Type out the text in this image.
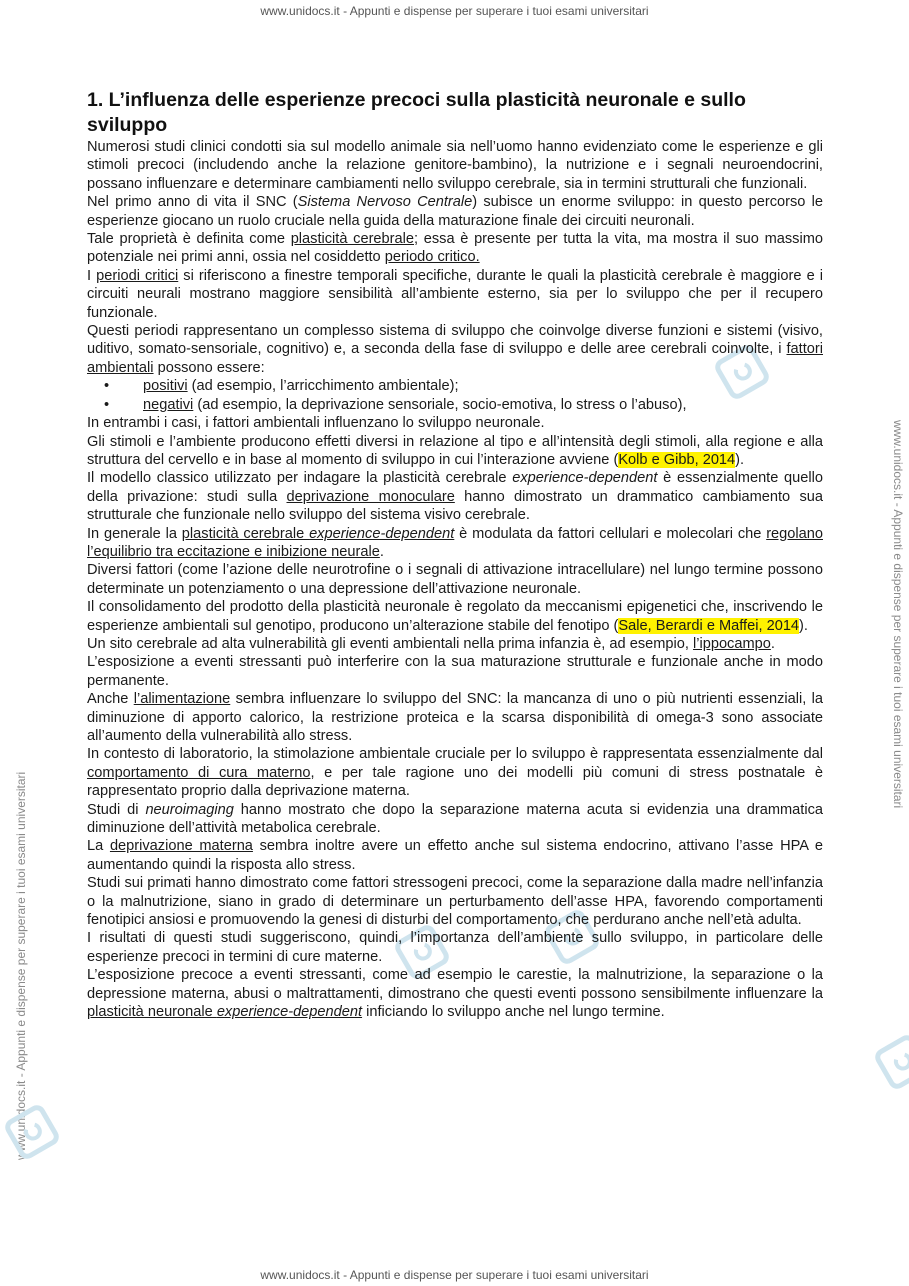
www.unidocs.it - Appunti e dispense per superare i tuoi esami universitari
www.unidocs.it - Appunti e dispense per superare i tuoi esami universitari
www.unidocs.it - Appunti e dispense per superare i tuoi esami universitari
www.unidocs.it - Appunti e dispense per superare i tuoi esami universitari
1. L’influenza delle esperienze precoci sulla plasticità neuronale e sullo sviluppo

Numerosi studi clinici condotti sia sul modello animale sia nell’uomo hanno evidenziato come le esperienze e gli stimoli precoci (includendo anche la relazione genitore-bambino), la nutrizione e i segnali neuroendocrini, possano influenzare e determinare cambiamenti nello sviluppo cerebrale, sia in termini strutturali che funzionali.

Nel primo anno di vita il SNC (Sistema Nervoso Centrale) subisce un enorme sviluppo: in questo percorso le esperienze giocano un ruolo cruciale nella guida della maturazione finale dei circuiti neuronali.

Tale proprietà è definita come plasticità cerebrale; essa è presente per tutta la vita, ma mostra il suo massimo potenziale nei primi anni, ossia nel cosiddetto periodo critico.

I periodi critici si riferiscono a finestre temporali specifiche, durante le quali la plasticità cerebrale è maggiore e i circuiti neurali mostrano maggiore sensibilità all’ambiente esterno, sia per lo sviluppo che per il recupero funzionale.

Questi periodi rappresentano un complesso sistema di sviluppo che coinvolge diverse funzioni e sistemi (visivo, uditivo, somato-sensoriale, cognitivo) e, a seconda della fase di sviluppo e delle aree cerebrali coinvolte, i fattori ambientali possono essere:

• positivi (ad esempio, l’arricchimento ambientale);
• negativi (ad esempio, la deprivazione sensoriale, socio-emotiva, lo stress o l’abuso),

In entrambi i casi, i fattori ambientali influenzano lo sviluppo neuronale.

Gli stimoli e l’ambiente producono effetti diversi in relazione al tipo e all’intensità degli stimoli, alla regione e alla struttura del cervello e in base al momento di sviluppo in cui l’interazione avviene (Kolb e Gibb, 2014).

Il modello classico utilizzato per indagare la plasticità cerebrale experience-dependent è essenzialmente quello della privazione: studi sulla deprivazione monoculare hanno dimostrato un drammatico cambiamento sua strutturale che funzionale nello sviluppo del sistema visivo cerebrale.

In generale la plasticità cerebrale experience-dependent è modulata da fattori cellulari e molecolari che regolano l’equilibrio tra eccitazione e inibizione neurale.

Diversi fattori (come l’azione delle neurotrofine o i segnali di attivazione intracellulare) nel lungo termine possono determinate un potenziamento o una depressione dell’attivazione neuronale.

Il consolidamento del prodotto della plasticità neuronale è regolato da meccanismi epigenetici che, inscrivendo le esperienze ambientali sul genotipo, producono un’alterazione stabile del fenotipo (Sale, Berardi e Maffei, 2014).

Un sito cerebrale ad alta vulnerabilità gli eventi ambientali nella prima infanzia è, ad esempio, l’ippocampo.

L’esposizione a eventi stressanti può interferire con la sua maturazione strutturale e funzionale anche in modo permanente.

Anche l’alimentazione sembra influenzare lo sviluppo del SNC: la mancanza di uno o più nutrienti essenziali, la diminuzione di apporto calorico, la restrizione proteica e la scarsa disponibilità di omega-3 sono associate all’aumento della vulnerabilità allo stress.

In contesto di laboratorio, la stimolazione ambientale cruciale per lo sviluppo è rappresentata essenzialmente dal comportamento di cura materno, e per tale ragione uno dei modelli più comuni di stress postnatale è rappresentato proprio dalla deprivazione materna.

Studi di neuroimaging hanno mostrato che dopo la separazione materna acuta si evidenzia una drammatica diminuzione dell’attività metabolica cerebrale.

La deprivazione materna sembra inoltre avere un effetto anche sul sistema endocrino, attivano l’asse HPA e aumentando quindi la risposta allo stress.

Studi sui primati hanno dimostrato come fattori stressogeni precoci, come la separazione dalla madre nell’infanzia o la malnutrizione, siano in grado di determinare un perturbamento dell’asse HPA, favorendo comportamenti fenotipici ansiosi e promuovendo la genesi di disturbi del comportamento, che perdurano anche nell’età adulta.

I risultati di questi studi suggeriscono, quindi, l’importanza dell’ambiente sullo sviluppo, in particolare delle esperienze precoci in termini di cure materne.

L’esposizione precoce a eventi stressanti, come ad esempio le carestie, la malnutrizione, la separazione o la depressione materna, abusi o maltrattamenti, dimostrano che questi eventi possono sensibilmente influenzare la plasticità neuronale experience-dependent inficiando lo sviluppo anche nel lungo termine.
